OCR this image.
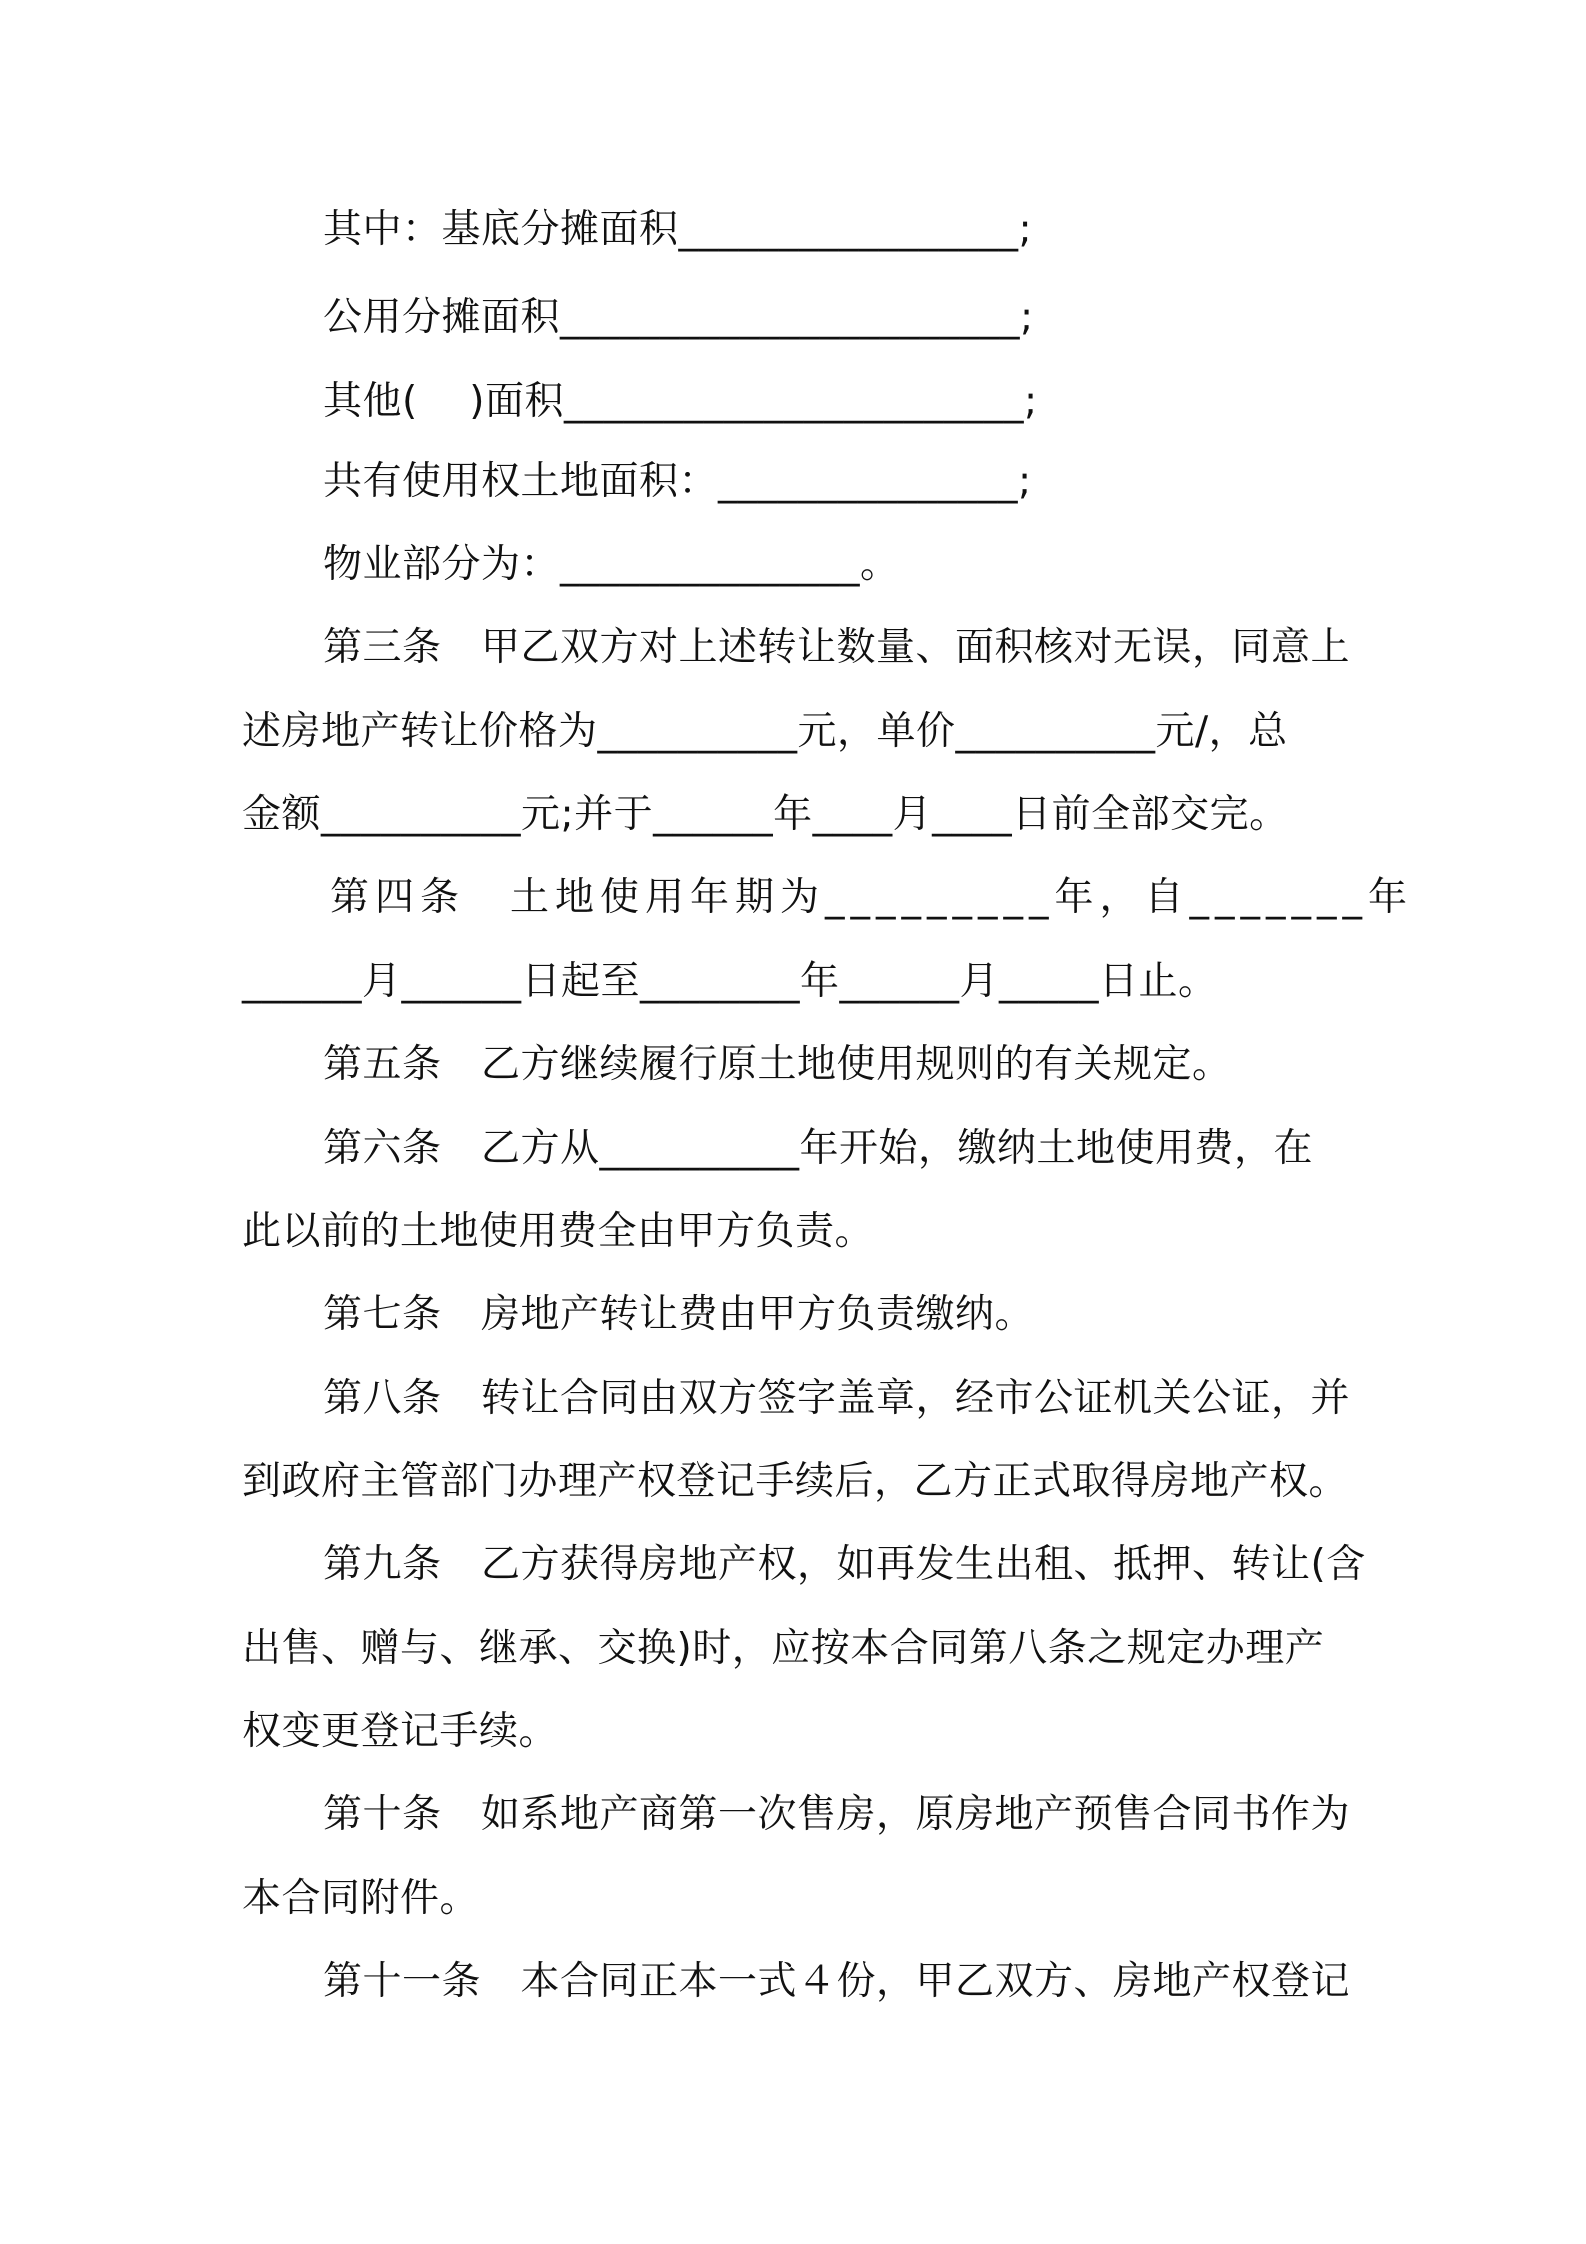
其中：基底分摊面积_________________;
公用分摊面积_______________________;
其他(    )面积_______________________;
共有使用权土地面积：_______________;
物业部分为：_______________。
第三条　甲乙双方对上述转让数量、面积核对无误，同意上
述房地产转让价格为__________元，单价__________元/，总
金额__________元;并于______年____月____日前全部交完。
第四条　土地使用年期为_________年，自_______年
______月______日起至________年______月_____日止。
第五条　乙方继续履行原土地使用规则的有关规定。
第六条　乙方从__________年开始，缴纳土地使用费，在
此以前的土地使用费全由甲方负责。
第七条　房地产转让费由甲方负责缴纳。
第八条　转让合同由双方签字盖章，经市公证机关公证，并
到政府主管部门办理产权登记手续后，乙方正式取得房地产权。
第九条　乙方获得房地产权，如再发生出租、抵押、转让(含
出售、赠与、继承、交换)时，应按本合同第八条之规定办理产
权变更登记手续。
第十条　如系地产商第一次售房，原房地产预售合同书作为
本合同附件。
第十一条　本合同正本一式４份，甲乙双方、房地产权登记
